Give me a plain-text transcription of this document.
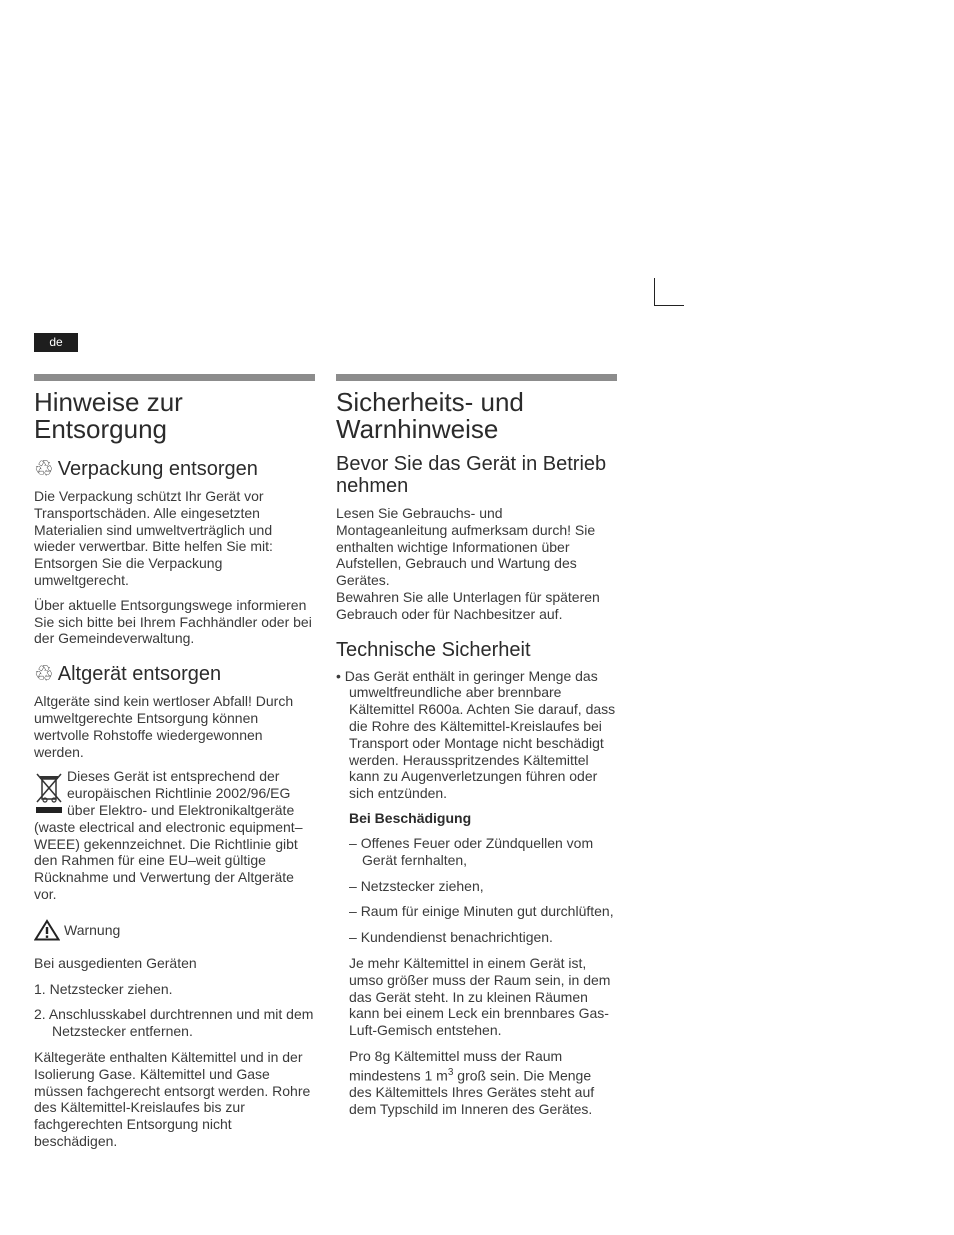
de
Hinweise zur Entsorgung
♲ Verpackung entsorgen

Die Verpackung schützt Ihr Gerät vor Transportschäden. Alle eingesetzten Materialien sind umweltverträglich und wieder verwertbar. Bitte helfen Sie mit: Entsorgen Sie die Verpackung umweltgerecht.

Über aktuelle Entsorgungswege informieren Sie sich bitte bei Ihrem Fachhändler oder bei der Gemeindeverwaltung.

♲ Altgerät entsorgen

Altgeräte sind kein wertloser Abfall! Durch umweltgerechte Entsorgung können wertvolle Rohstoffe wiedergewonnen werden.

Dieses Gerät ist entsprechend der europäischen Richtlinie 2002/96/EG über Elektro- und Elektronikaltgeräte (waste electrical and electronic equipment– WEEE) gekennzeichnet. Die Richtlinie gibt den Rahmen für eine EU–weit gültige Rücknahme und Verwertung der Altgeräte vor.

Warnung

Bei ausgedienten Geräten

1. Netzstecker ziehen.
2. Anschlusskabel durchtrennen und mit dem Netzstecker entfernen.

Kältegeräte enthalten Kältemittel und in der Isolierung Gase. Kältemittel und Gase müssen fachgerecht entsorgt werden. Rohre des Kältemittel-Kreislaufes bis zur fachgerechten Entsorgung nicht beschädigen.

Sicherheits- und Warnhinweise
Bevor Sie das Gerät in Betrieb nehmen

Lesen Sie Gebrauchs- und Montageanleitung aufmerksam durch! Sie enthalten wichtige Informationen über Aufstellen, Gebrauch und Wartung des Gerätes.

Bewahren Sie alle Unterlagen für späteren Gebrauch oder für Nachbesitzer auf.

Technische Sicherheit
• Das Gerät enthält in geringer Menge das umweltfreundliche aber brennbare Kältemittel R600a. Achten Sie darauf, dass die Rohre des Kältemittel-Kreislaufes bei Transport oder Montage nicht beschädigt werden. Herausspritzendes Kältemittel kann zu Augenverletzungen führen oder sich entzünden.
Bei Beschädigung
– Offenes Feuer oder Zündquellen vom Gerät fernhalten,
– Netzstecker ziehen,
– Raum für einige Minuten gut durchlüften,
– Kundendienst benachrichtigen.

Je mehr Kältemittel in einem Gerät ist, umso größer muss der Raum sein, in dem das Gerät steht. In zu kleinen Räumen kann bei einem Leck ein brennbares Gas-Luft-Gemisch entstehen.

Pro 8g Kältemittel muss der Raum mindestens 1 $m^3$ groß sein. Die Menge des Kältemittels Ihres Gerätes steht auf dem Typschild im Inneren des Gerätes.
